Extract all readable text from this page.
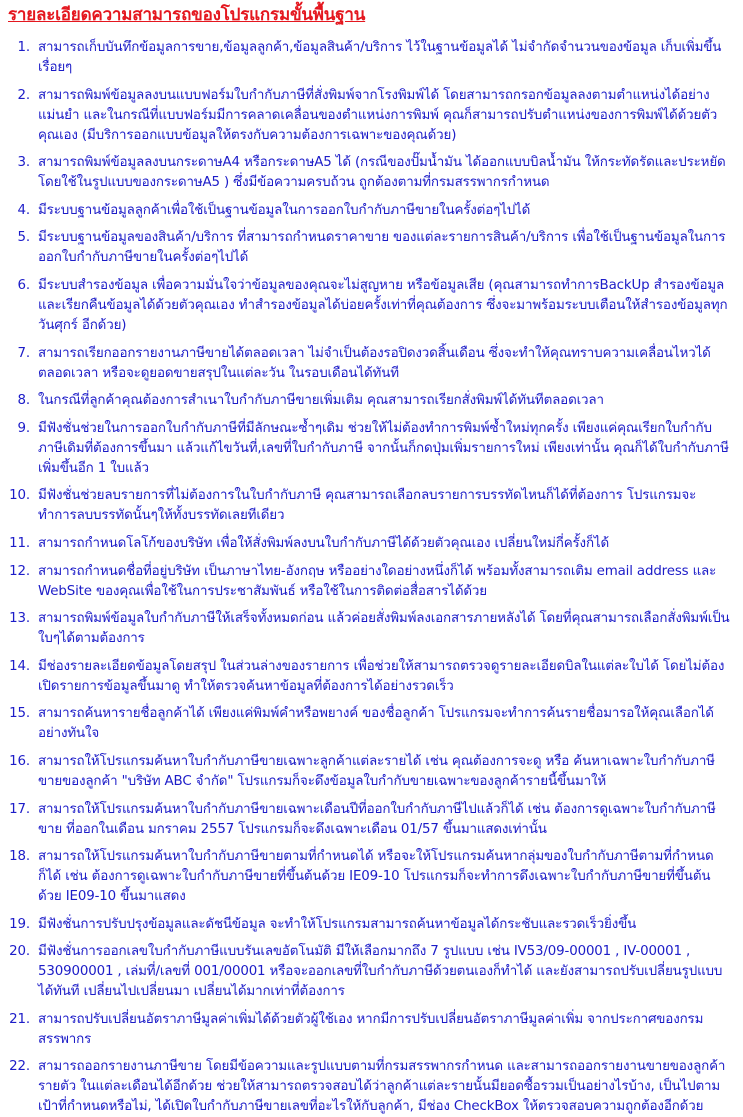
รายละเอียดความสามารถของโปรแกรมขั้นพื้นฐาน
1. สามารถเก็บบันทึกข้อมูลการขาย,ข้อมูลลูกค้า,ข้อมูลสินค้า/บริการ ไว้ในฐานข้อมูลได้ ไม่จำกัดจำนวนของข้อมูล เก็บเพิ่มขึ้นเรื่อยๆ
2. สามารถพิมพ์ข้อมูลลงบนแบบฟอร์มใบกำกับภาษีที่สั่งพิมพ์จากโรงพิมพ์ได้ โดยสามารถกรอกข้อมูลลงตามตำแหน่งได้อย่างแม่นยำ และในกรณีที่แบบฟอร์มมีการคลาดเคลื่อนของตำแหน่งการพิมพ์ คุณก็สามารถปรับตำแหน่งของการพิมพ์ได้ด้วยตัวคุณเอง (มีบริการออกแบบข้อมูลให้ตรงกับความต้องการเฉพาะของคุณด้วย)
3. สามารถพิมพ์ข้อมูลลงบนกระดาษA4 หรือกระดาษA5 ได้ (กรณีของปั๊มน้ำมัน ได้ออกแบบบิลน้ำมัน ให้กระทัดรัดและประหยัด โดยใช้ในรูปแบบของกระดาษA5 ) ซึ่งมีข้อความครบถ้วน ถูกต้องตามที่กรมสรรพากรกำหนด
4. มีระบบฐานข้อมูลลูกค้าเพื่อใช้เป็นฐานข้อมูลในการออกใบกำกับภาษีขายในครั้งต่อๆไปได้
5. มีระบบฐานข้อมูลของสินค้า/บริการ ที่สามารถกำหนดราคาขาย ของแต่ละรายการสินค้า/บริการ เพื่อใช้เป็นฐานข้อมูลในการออกใบกำกับภาษีขายในครั้งต่อๆไปได้
6. มีระบบสำรองข้อมูล เพื่อความมั่นใจว่าข้อมูลของคุณจะไม่สูญหาย หรือข้อมูลเสีย (คุณสามารถทำการBackUp สำรองข้อมูลและเรียกคืนข้อมูลได้ด้วยตัวคุณเอง ทำสำรองข้อมูลได้บ่อยครั้งเท่าที่คุณต้องการ ซึ่งจะมาพร้อมระบบเตือนให้สำรองข้อมูลทุกวันศุกร์ อีกด้วย)
7. สามารถเรียกออกรายงานภาษีขายได้ตลอดเวลา ไม่จำเป็นต้องรอปิดงวดสิ้นเดือน ซึ่งจะทำให้คุณทราบความเคลื่อนไหวได้ตลอดเวลา หรือจะดูยอดขายสรุปในแต่ละวัน ในรอบเดือนได้ทันที
8. ในกรณีที่ลูกค้าคุณต้องการสำเนาใบกำกับภาษีขายเพิ่มเติม คุณสามารถเรียกสั่งพิมพ์ได้ทันทีตลอดเวลา
9. มีฟังชั่นช่วยในการออกใบกำกับภาษีที่มีลักษณะซ้ำๆเดิม ช่วยให้ไม่ต้องทำการพิมพ์ซ้ำใหม่ทุกครั้ง เพียงแค่คุณเรียกใบกำกับภาษีเดิมที่ต้องการขึ้นมา แล้วแก้ไขวันที่,เลขที่ใบกำกับภาษี จากนั้นก็กดปุ่มเพิ่มรายการใหม่ เพียงเท่านั้น คุณก็ได้ใบกำกับภาษีเพิ่มขึ้นอีก 1 ใบแล้ว
10. มีฟังชั่นช่วยลบรายการที่ไม่ต้องการในใบกำกับภาษี คุณสามารถเลือกลบรายการบรรทัดไหนก็ได้ที่ต้องการ โปรแกรมจะทำการลบบรรทัดนั้นๆให้ทั้งบรรทัดเลยทีเดียว
11. สามารถกำหนดโลโก้ของบริษัท เพื่อให้สั่งพิมพ์ลงบนใบกำกับภาษีได้ด้วยตัวคุณเอง เปลี่ยนใหม่กี่ครั้งก็ได้
12. สามารถกำหนดชื่อที่อยู่บริษัท เป็นภาษาไทย-อังกฤษ หรืออย่างใดอย่างหนึ่งก็ได้ พร้อมทั้งสามารถเติม email address และ WebSite ของคุณเพื่อใช้ในการประชาสัมพันธ์ หรือใช้ในการติดต่อสื่อสารได้ด้วย
13. สามารถพิมพ์ข้อมูลใบกำกับภาษีให้เสร็จทั้งหมดก่อน แล้วค่อยสั่งพิมพ์ลงเอกสารภายหลังได้ โดยที่คุณสามารถเลือกสั่งพิมพ์เป็นใบๆได้ตามต้องการ
14. มีช่องรายละเอียดข้อมูลโดยสรุป ในส่วนล่างของรายการ เพื่อช่วยให้สามารถตรวจดูรายละเอียดบิลในแต่ละใบได้ โดยไม่ต้องเปิดรายการข้อมูลขึ้นมาดู ทำให้ตรวจค้นหาข้อมูลที่ต้องการได้อย่างรวดเร็ว
15. สามารถค้นหารายชื่อลูกค้าได้ เพียงแค่พิมพ์คำหรือพยางค์ ของชื่อลูกค้า โปรแกรมจะทำการค้นรายชื่อมารอให้คุณเลือกได้อย่างทันใจ
16. สามารถให้โปรแกรมค้นหาใบกำกับภาษีขายเฉพาะลูกค้าแต่ละรายได้ เช่น คุณต้องการจะดู หรือ ค้นหาเฉพาะใบกำกับภาษีขายของลูกค้า "บริษัท ABC จำกัด" โปรแกรมก็จะดึงข้อมูลใบกำกับขายเฉพาะของลูกค้ารายนี้ขึ้นมาให้
17. สามารถให้โปรแกรมค้นหาใบกำกับภาษีขายเฉพาะเดือนปีที่ออกใบกำกับภาษีไปแล้วก็ได้ เช่น ต้องการดูเฉพาะใบกำกับภาษีขาย ที่ออกในเดือน มกราคม 2557 โปรแกรมก็จะดึงเฉพาะเดือน 01/57 ขึ้นมาแสดงเท่านั้น
18. สามารถให้โปรแกรมค้นหาใบกำกับภาษีขายตามที่กำหนดได้ หรือจะให้โปรแกรมค้นหากลุ่มของใบกำกับภาษีตามที่กำหนดก็ได้ เช่น ต้องการดูเฉพาะใบกำกับภาษีขายที่ขึ้นต้นด้วย IE09-10 โปรแกรมก็จะทำการดึงเฉพาะใบกำกับภาษีขายที่ขึ้นต้นด้วย IE09-10 ขึ้นมาแสดง
19. มีฟังชั่นการปรับปรุงข้อมูลและดัชนีข้อมูล จะทำให้โปรแกรมสามารถค้นหาข้อมูลได้กระชับและรวดเร็วยิ่งขึ้น
20. มีฟังชั่นการออกเลขใบกำกับภาษีแบบรันเลขอัตโนมัติ มีให้เลือกมากถึง 7 รูปแบบ เช่น IV53/09-00001 , IV-00001 , 530900001 , เล่มที่/เลขที่ 001/00001 หรือจะออกเลขที่ใบกำกับภาษีด้วยตนเองก็ทำได้ และยังสามารถปรับเปลี่ยนรูปแบบได้ทันที เปลี่ยนไปเปลี่ยนมา เปลี่ยนได้มากเท่าที่ต้องการ
21. สามารถปรับเปลี่ยนอัตราภาษีมูลค่าเพิ่มได้ด้วยตัวผู้ใช้เอง หากมีการปรับเปลี่ยนอัตราภาษีมูลค่าเพิ่ม จากประกาศของกรมสรรพากร
22. สามารถออกรายงานภาษีขาย โดยมีข้อความและรูปแบบตามที่กรมสรรพากรกำหนด และสามารถออกรายงานขายของลูกค้ารายตัว ในแต่ละเดือนได้อีกด้วย ช่วยให้สามารถตรวจสอบได้ว่าลูกค้าแต่ละรายนั้นมียอดซื้อรวมเป็นอย่างไรบ้าง, เป็นไปตามเป้าที่กำหนดหรือไม่, ได้เปิดใบกำกับภาษีขายเลขที่อะไรให้กับลูกค้า, มีช่อง CheckBox ให้ตรวจสอบความถูกต้องอีกด้วย
